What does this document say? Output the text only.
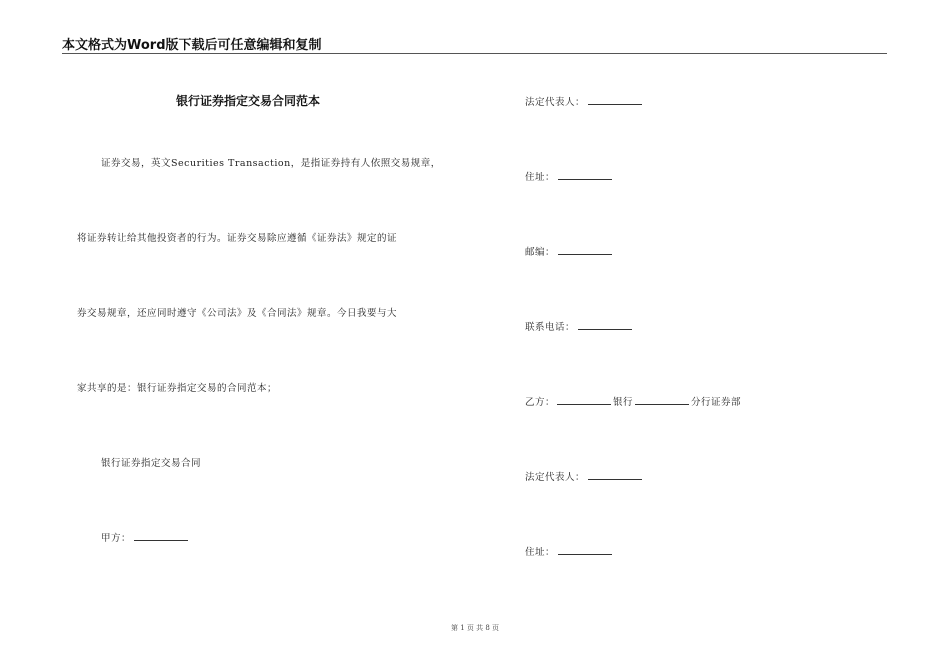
本文格式为Word版下载后可任意编辑和复制
银行证券指定交易合同范本
证券交易，英文Securities Transaction，是指证券持有人依照交易规章，
将证券转让给其他投资者的行为。证券交易除应遵循《证券法》规定的证
券交易规章，还应同时遵守《公司法》及《合同法》规章。今日我要与大
家共享的是：银行证券指定交易的合同范本；
银行证券指定交易合同
甲方：
法定代表人：
住址：
邮编：
联系电话：
乙方：	银行	分行证券部
法定代表人：
住址：
第 1 页 共 8 页
